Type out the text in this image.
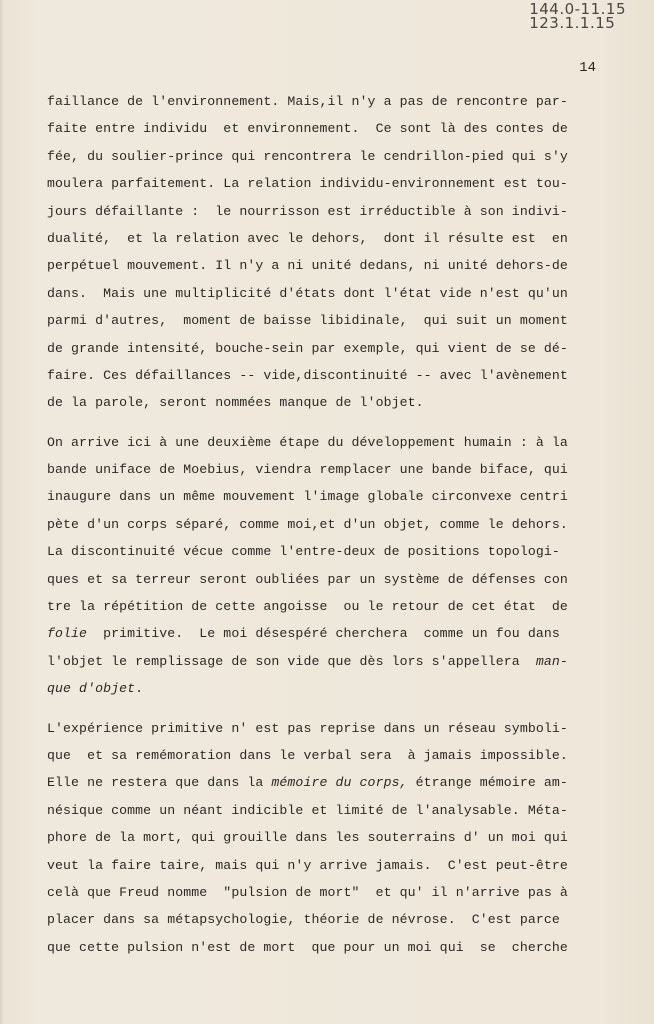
144.0-11.15
123.1.1.15
14
faillance de l'environnement. Mais,il n'y a pas de rencontre par-
faite entre individu  et environnement.  Ce sont là des contes de
fée, du soulier-prince qui rencontrera le cendrillon-pied qui s'y
moulera parfaitement. La relation individu-environnement est tou-
jours défaillante :  le nourrisson est irréductible à son indivi-
dualité,  et la relation avec le dehors,  dont il résulte est  en
perpétuel mouvement. Il n'y a ni unité dedans, ni unité dehors-de
dans.  Mais une multiplicité d'états dont l'état vide n'est qu'un
parmi d'autres,  moment de baisse libidinale,  qui suit un moment
de grande intensité, bouche-sein par exemple, qui vient de se dé-
faire. Ces défaillances -- vide,discontinuité -- avec l'avènement
de la parole, seront nommées manque de l'objet.
On arrive ici à une deuxième étape du développement humain : à la
bande uniface de Moebius, viendra remplacer une bande biface, qui
inaugure dans un même mouvement l'image globale circonvexe centri
pète d'un corps séparé, comme moi,et d'un objet, comme le dehors.
La discontinuité vécue comme l'entre-deux de positions topologi-
ques et sa terreur seront oubliées par un système de défenses con
tre la répétition de cette angoisse  ou le retour de cet état  de
folie  primitive.  Le moi désespéré cherchera  comme un fou dans
l'objet le remplissage de son vide que dès lors s'appellera  man-
que d'objet.
L'expérience primitive n' est pas reprise dans un réseau symboli-
que  et sa remémoration dans le verbal sera  à jamais impossible.
Elle ne restera que dans la mémoire du corps, étrange mémoire am-
nésique comme un néant indicible et limité de l'analysable. Méta-
phore de la mort, qui grouille dans les souterrains d' un moi qui
veut la faire taire, mais qui n'y arrive jamais.  C'est peut-être
celà que Freud nomme  "pulsion de mort"  et qu' il n'arrive pas à
placer dans sa métapsychologie, théorie de névrose.  C'est parce
que cette pulsion n'est de mort  que pour un moi qui  se  cherche
